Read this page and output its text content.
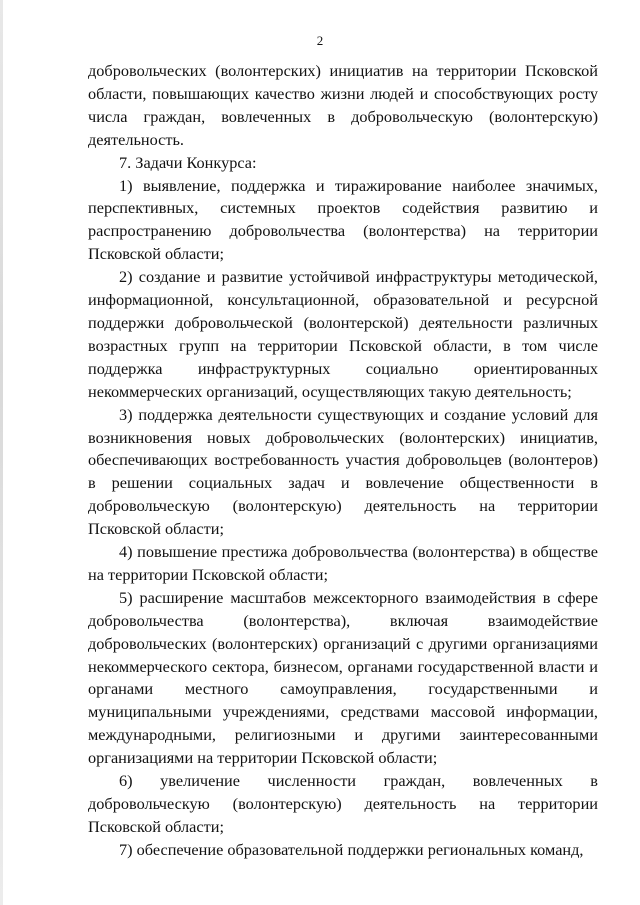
2

добровольческих (волонтерских) инициатив на территории Псковской области, повышающих качество жизни людей и способствующих росту числа граждан, вовлеченных в добровольческую (волонтерскую) деятельность.

7. Задачи Конкурса:

1) выявление, поддержка и тиражирование наиболее значимых, перспективных, системных проектов содействия развитию и распространению добровольчества (волонтерства) на территории Псковской области;

2) создание и развитие устойчивой инфраструктуры методической, информационной, консультационной, образовательной и ресурсной поддержки добровольческой (волонтерской) деятельности различных возрастных групп на территории Псковской области, в том числе поддержка инфраструктурных социально ориентированных некоммерческих организаций, осуществляющих такую деятельность;

3) поддержка деятельности существующих и создание условий для возникновения новых добровольческих (волонтерских) инициатив, обеспечивающих востребованность участия добровольцев (волонтеров) в решении социальных задач и вовлечение общественности в добровольческую (волонтерскую) деятельность на территории Псковской области;

4) повышение престижа добровольчества (волонтерства) в обществе на территории Псковской области;

5) расширение масштабов межсекторного взаимодействия в сфере добровольчества (волонтерства), включая взаимодействие добровольческих (волонтерских) организаций с другими организациями некоммерческого сектора, бизнесом, органами государственной власти и органами местного самоуправления, государственными и муниципальными учреждениями, средствами массовой информации, международными, религиозными и другими заинтересованными организациями на территории Псковской области;

6) увеличение численности граждан, вовлеченных в добровольческую (волонтерскую) деятельность на территории Псковской области;

7) обеспечение образовательной поддержки региональных команд,
